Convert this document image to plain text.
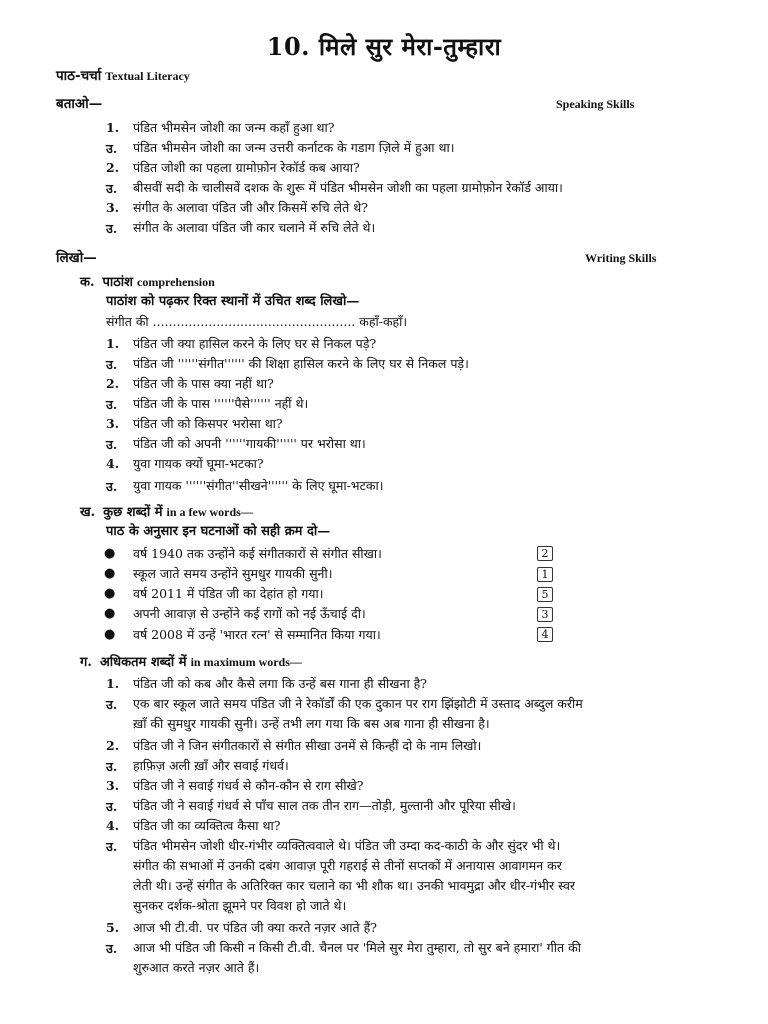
10. मिले सुर मेरा-तुम्हारा
पाठ-चर्चा Textual Literacy
बताओ—	Speaking Skills
1. पंडित भीमसेन जोशी का जन्म कहाँ हुआ था?
उ.	पंडित भीमसेन जोशी का जन्म उत्तरी कर्नाटक के गडाग ज़िले में हुआ था।
2. पंडित जोशी का पहला ग्रामोफ़ोन रेकॉर्ड कब आया?
उ.	बीसवीं सदी के चालीसवें दशक के शुरू में पंडित भीमसेन जोशी का पहला ग्रामोफ़ोन रेकॉर्ड आया।
3. संगीत के अलावा पंडित जी और किसमें रुचि लेते थे?
उ.	संगीत के अलावा पंडित जी कार चलाने में रुचि लेते थे।
लिखो—	Writing Skills
क. पाठांश comprehension
पाठांश को पढ़कर रिक्त स्थानों में उचित शब्द लिखो—
संगीत की ................................................... कहाँ-कहाँ।
1. पंडित जी क्या हासिल करने के लिए घर से निकल पड़े?
उ.	पंडित जी ''''''संगीत'''''' की शिक्षा हासिल करने के लिए घर से निकल पड़े।
2. पंडित जी के पास क्या नहीं था?
उ.	पंडित जी के पास ''''''पैसे'''''' नहीं थे।
3. पंडित जी को किसपर भरोसा था?
उ.	पंडित जी को अपनी ''''''गायकी'''''' पर भरोसा था।
4. युवा गायक क्यों घूमा-भटका?
उ.	युवा गायक ''''''संगीत''सीखने'''''' के लिए घूमा-भटका।
ख. कुछ शब्दों में in a few words—
पाठ के अनुसार इन घटनाओं को सही क्रम दो—
● वर्ष 1940 तक उन्होंने कई संगीतकारों से संगीत सीखा।	2
● स्कूल जाते समय उन्होंने सुमधुर गायकी सुनी।	1
● वर्ष 2011 में पंडित जी का देहांत हो गया।	5
● अपनी आवाज़ से उन्होंने कई रागों को नई ऊँचाई दी।	3
● वर्ष 2008 में उन्हें 'भारत रत्न' से सम्मानित किया गया।	4
ग. अधिकतम शब्दों में in maximum words—
1. पंडित जी को कब और कैसे लगा कि उन्हें बस गाना ही सीखना है?
उ.	एक बार स्कूल जाते समय पंडित जी ने रेकॉर्डों की एक दुकान पर राग झिंझोटी में उस्ताद अब्दुल करीम
ख़ाँ की सुमधुर गायकी सुनी। उन्हें तभी लग गया कि बस अब गाना ही सीखना है।
2. पंडित जी ने जिन संगीतकारों से संगीत सीखा उनमें से किन्हीं दो के नाम लिखो।
उ.	हाफ़िज़ अली ख़ाँ और सवाई गंधर्व।
3. पंडित जी ने सवाई गंधर्व से कौन-कौन से राग सीखे?
उ.	पंडित जी ने सवाई गंधर्व से पाँच साल तक तीन राग—तोड़ी, मुल्तानी और पूरिया सीखे।
4. पंडित जी का व्यक्तित्व कैसा था?
उ.	पंडित भीमसेन जोशी धीर-गंभीर व्यक्तित्ववाले थे। पंडित जी उम्दा कद-काठी के और सुंदर भी थे।
संगीत की सभाओं में उनकी दबंग आवाज़ पूरी गहराई से तीनों सप्तकों में अनायास आवागमन कर
लेती थी। उन्हें संगीत के अतिरिक्त कार चलाने का भी शौक था। उनकी भावमुद्रा और धीर-गंभीर स्वर
सुनकर दर्शक-श्रोता झूमने पर विवश हो जाते थे।
5. आज भी टी.वी. पर पंडित जी क्या करते नज़र आते हैं?
उ.	आज भी पंडित जी किसी न किसी टी.वी. चैनल पर 'मिले सुर मेरा तुम्हारा, तो सुर बने हमारा' गीत की
शुरुआत करते नज़र आते हैं।
